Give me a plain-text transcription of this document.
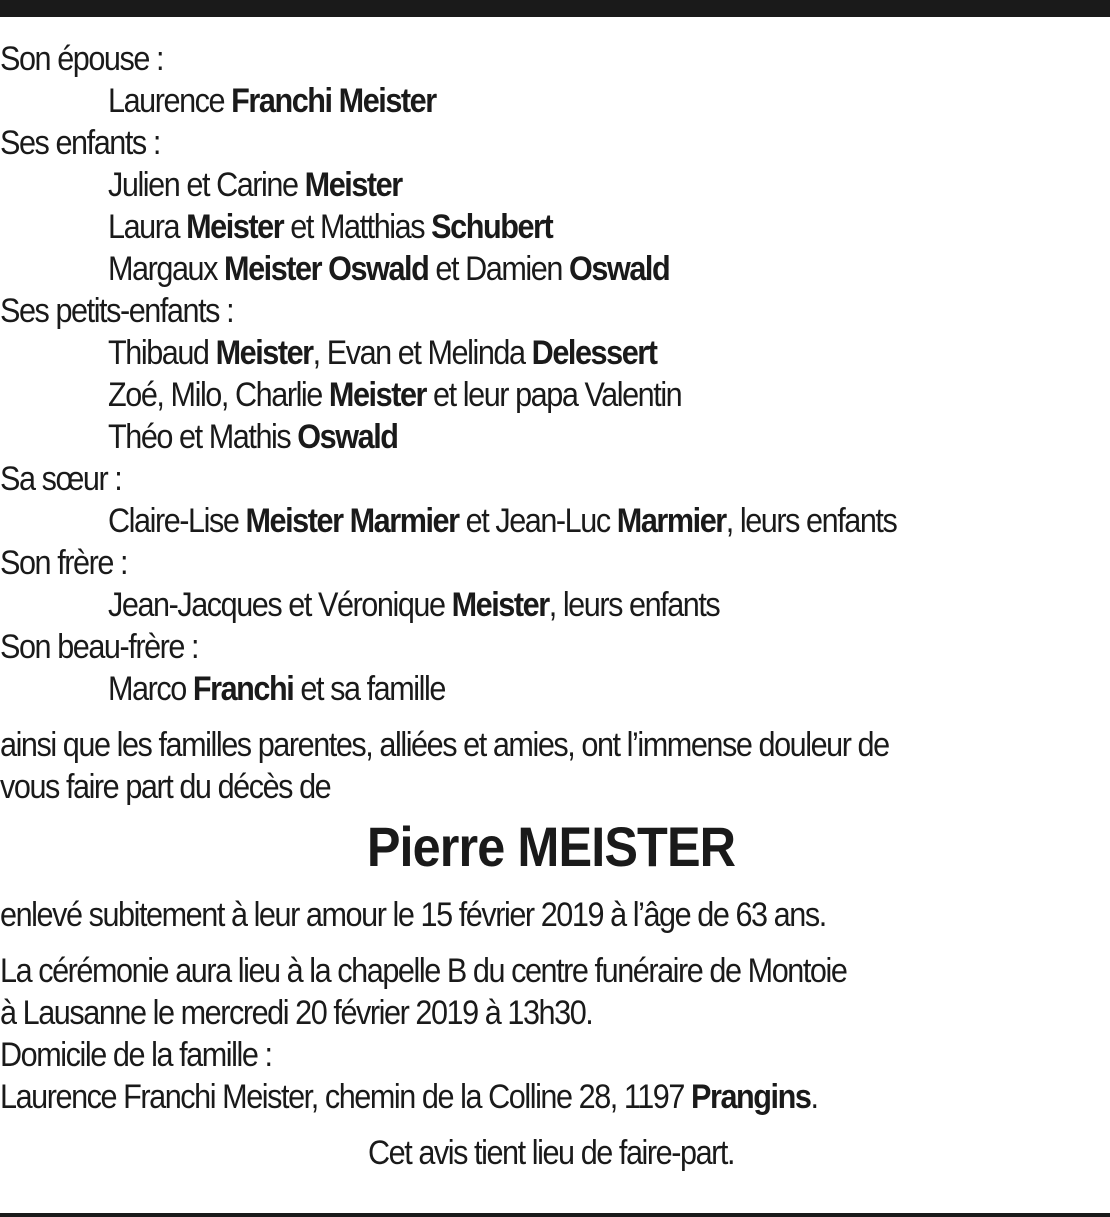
Son épouse :
Laurence Franchi Meister
Ses enfants :
Julien et Carine Meister
Laura Meister et Matthias Schubert
Margaux Meister Oswald et Damien Oswald
Ses petits-enfants :
Thibaud Meister, Evan et Melinda Delessert
Zoé, Milo, Charlie Meister et leur papa Valentin
Théo et Mathis Oswald
Sa sœur :
Claire-Lise Meister Marmier et Jean-Luc Marmier, leurs enfants
Son frère :
Jean-Jacques et Véronique Meister, leurs enfants
Son beau-frère :
Marco Franchi et sa famille
ainsi que les familles parentes, alliées et amies, ont l’immense douleur de
vous faire part du décès de
Pierre MEISTER
enlevé subitement à leur amour le 15 février 2019 à l’âge de 63 ans.
La cérémonie aura lieu à la chapelle B du centre funéraire de Montoie
à Lausanne le mercredi 20 février 2019 à 13h30.
Domicile de la famille :
Laurence Franchi Meister, chemin de la Colline 28, 1197 Prangins.
Cet avis tient lieu de faire-part.
